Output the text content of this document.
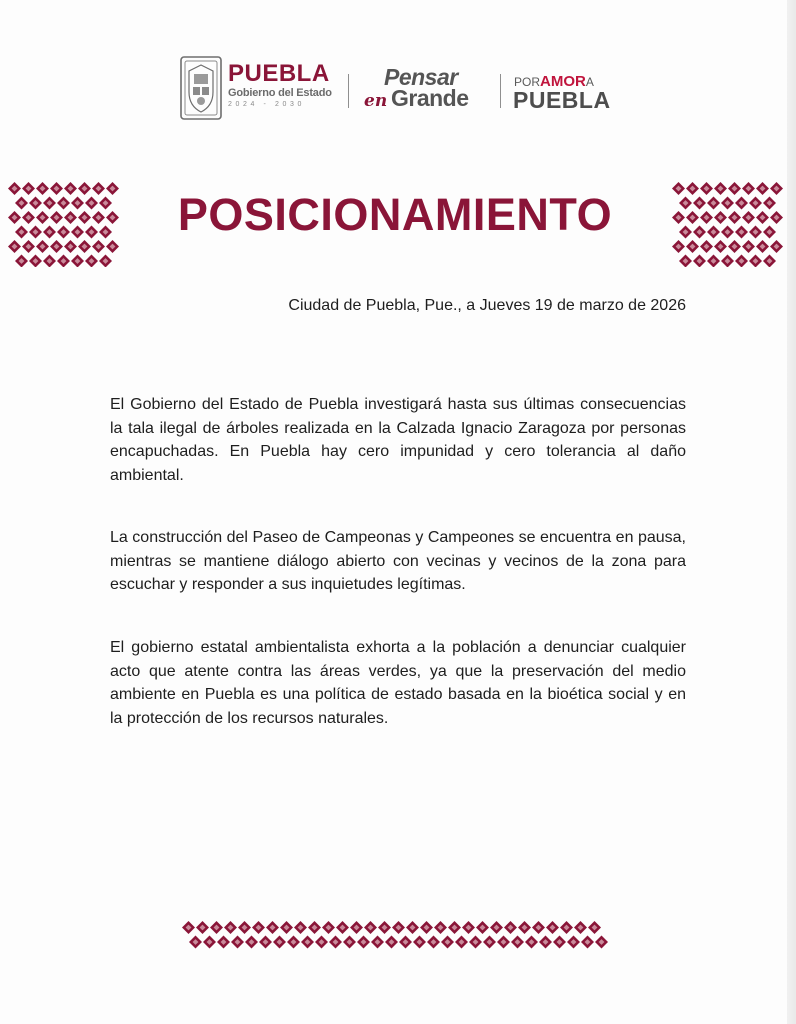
PUEBLA
Gobierno del Estado
2024 - 2030
Pensar
en Grande
PORAMORA
PUEBLA
POSICIONAMIENTO
Ciudad de Puebla, Pue., a Jueves 19 de marzo de 2026

El Gobierno del Estado de Puebla investigará hasta sus últimas consecuencias la tala ilegal de árboles realizada en la Calzada Ignacio Zaragoza por personas encapuchadas. En Puebla hay cero impunidad y cero tolerancia al daño ambiental.

La construcción del Paseo de Campeonas y Campeones se encuentra en pausa, mientras se mantiene diálogo abierto con vecinas y vecinos de la zona para escuchar y responder a sus inquietudes legítimas.

El gobierno estatal ambientalista exhorta a la población a denunciar cualquier acto que atente contra las áreas verdes, ya que la preservación del medio ambiente en Puebla es una política de estado basada en la bioética social y en la protección de los recursos naturales.
